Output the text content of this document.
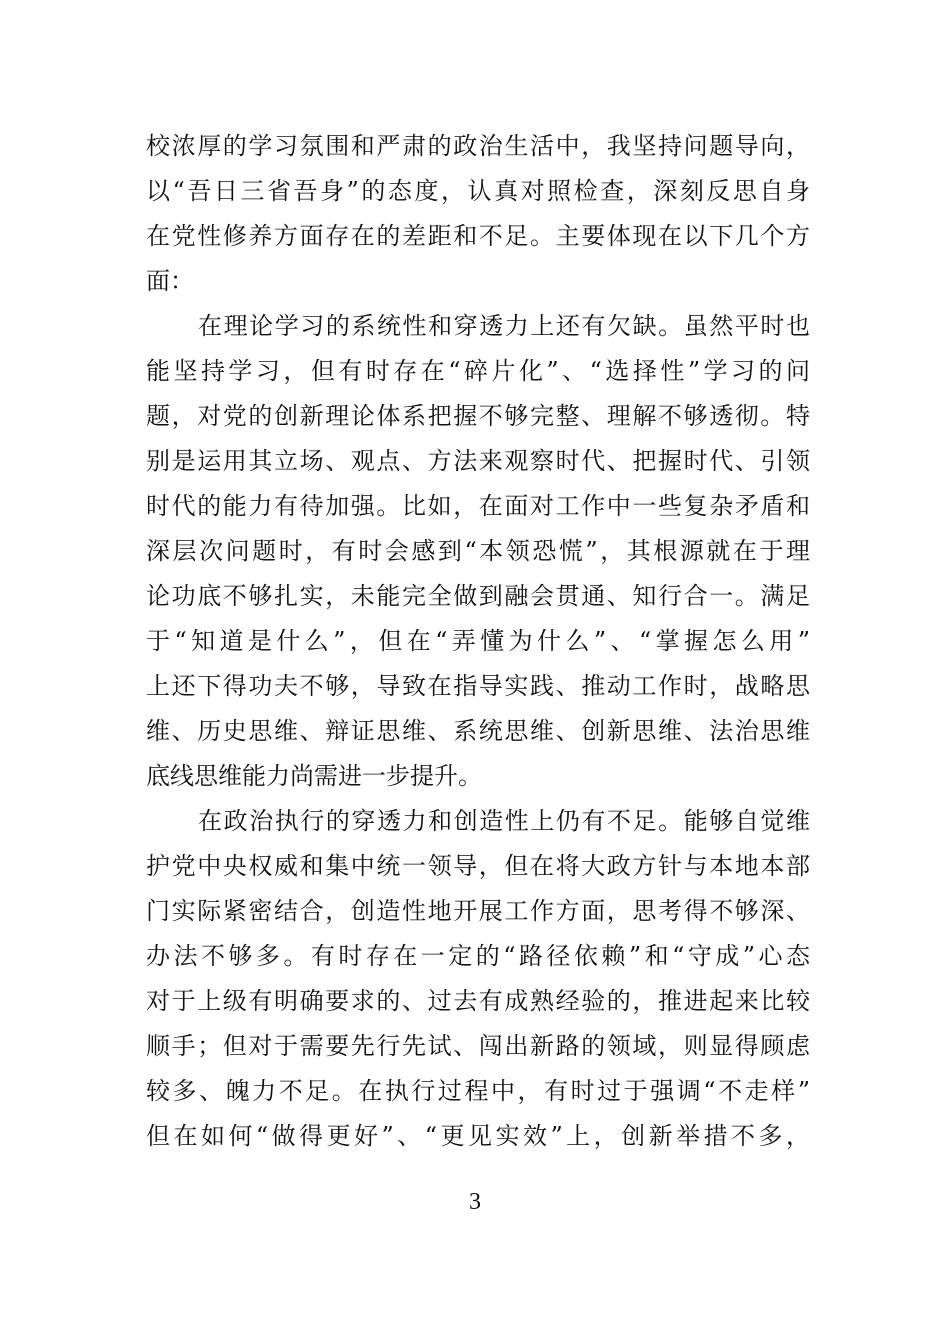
校浓厚的学习氛围和严肃的政治生活中，我坚持问题导向，
以“吾日三省吾身”的态度，认真对照检查，深刻反思自身
在党性修养方面存在的差距和不足。主要体现在以下几个方
面：
在理论学习的系统性和穿透力上还有欠缺。虽然平时也
能坚持学习，但有时存在“碎片化”、“选择性”学习的问
题，对党的创新理论体系把握不够完整、理解不够透彻。特
别是运用其立场、观点、方法来观察时代、把握时代、引领
时代的能力有待加强。比如，在面对工作中一些复杂矛盾和
深层次问题时，有时会感到“本领恐慌”，其根源就在于理
论功底不够扎实，未能完全做到融会贯通、知行合一。满足
于“知道是什么”，但在“弄懂为什么”、“掌握怎么用”
上还下得功夫不够，导致在指导实践、推动工作时，战略思
维、历史思维、辩证思维、系统思维、创新思维、法治思维
底线思维能力尚需进一步提升。
在政治执行的穿透力和创造性上仍有不足。能够自觉维
护党中央权威和集中统一领导，但在将大政方针与本地本部
门实际紧密结合，创造性地开展工作方面，思考得不够深、
办法不够多。有时存在一定的“路径依赖”和“守成”心态
对于上级有明确要求的、过去有成熟经验的，推进起来比较
顺手；但对于需要先行先试、闯出新路的领域，则显得顾虑
较多、魄力不足。在执行过程中，有时过于强调“不走样”
但在如何“做得更好”、“更见实效”上，创新举措不多，
3
